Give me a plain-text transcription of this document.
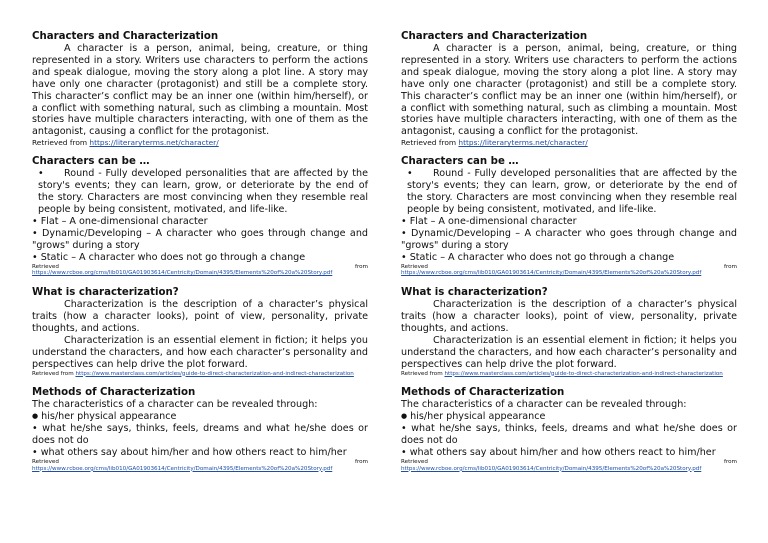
Characters and Characterization

A character is a person, animal, being, creature, or thing represented in a story. Writers use characters to perform the actions and speak dialogue, moving the story along a plot line. A story may have only one character (protagonist) and still be a complete story. This character’s conflict may be an inner one (within him/herself), or a conflict with something natural, such as climbing a mountain. Most stories have multiple characters interacting, with one of them as the antagonist, causing a conflict for the protagonist.

Retrieved from https://literaryterms.net/character/
Characters can be …

• Round - Fully developed personalities that are affected by the story's events; they can learn, grow, or deteriorate by the end of the story. Characters are most convincing when they resemble real people by being consistent, motivated, and life-like.

• Flat – A one-dimensional character

• Dynamic/Developing – A character who goes through change and "grows" during a story

• Static – A character who does not go through a change

Retrieved from https://www.rcboe.org/cms/lib010/GA01903614/Centricity/Domain/4395/Elements%20of%20a%20Story.pdf
What is characterization?

Characterization is the description of a character’s physical traits (how a character looks), point of view, personality, private thoughts, and actions.

Characterization is an essential element in fiction; it helps you understand the characters, and how each character’s personality and perspectives can help drive the plot forward.

Retrieved from https://www.masterclass.com/articles/guide-to-direct-characterization-and-indirect-characterization
Methods of Characterization

The characteristics of a character can be revealed through:

● his/her physical appearance

• what he/she says, thinks, feels, dreams and what he/she does or does not do

• what others say about him/her and how others react to him/her

Retrieved from https://www.rcboe.org/cms/lib010/GA01903614/Centricity/Domain/4395/Elements%20of%20a%20Story.pdf
Characters and Characterization

A character is a person, animal, being, creature, or thing represented in a story. Writers use characters to perform the actions and speak dialogue, moving the story along a plot line. A story may have only one character (protagonist) and still be a complete story. This character’s conflict may be an inner one (within him/herself), or a conflict with something natural, such as climbing a mountain. Most stories have multiple characters interacting, with one of them as the antagonist, causing a conflict for the protagonist.

Retrieved from https://literaryterms.net/character/
Characters can be …

• Round - Fully developed personalities that are affected by the story's events; they can learn, grow, or deteriorate by the end of the story. Characters are most convincing when they resemble real people by being consistent, motivated, and life-like.

• Flat – A one-dimensional character

• Dynamic/Developing – A character who goes through change and "grows" during a story

• Static – A character who does not go through a change

Retrieved from https://www.rcboe.org/cms/lib010/GA01903614/Centricity/Domain/4395/Elements%20of%20a%20Story.pdf
What is characterization?

Characterization is the description of a character’s physical traits (how a character looks), point of view, personality, private thoughts, and actions.

Characterization is an essential element in fiction; it helps you understand the characters, and how each character’s personality and perspectives can help drive the plot forward.

Retrieved from https://www.masterclass.com/articles/guide-to-direct-characterization-and-indirect-characterization
Methods of Characterization

The characteristics of a character can be revealed through:

● his/her physical appearance

• what he/she says, thinks, feels, dreams and what he/she does or does not do

• what others say about him/her and how others react to him/her

Retrieved from https://www.rcboe.org/cms/lib010/GA01903614/Centricity/Domain/4395/Elements%20of%20a%20Story.pdf
